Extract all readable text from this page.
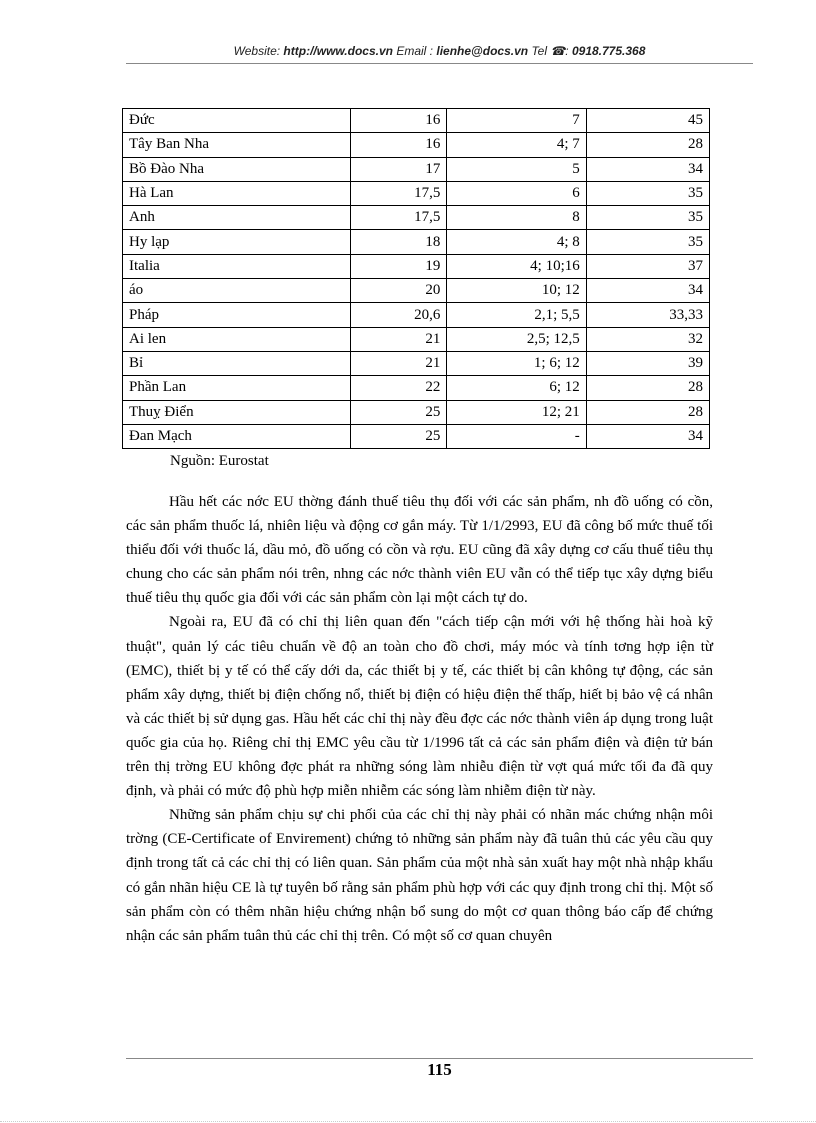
Website: http://www.docs.vn Email : lienhe@docs.vn Tel ☎: 0918.775.368
Đức	16	7	45
Tây Ban Nha	16	4; 7	28
Bồ Đào Nha	17	5	34
Hà Lan	17,5	6	35
Anh	17,5	8	35
Hy lạp	18	4; 8	35
Italia	19	4; 10;16	37
áo	20	10; 12	34
Pháp	20,6	2,1; 5,5	33,33
Ai len	21	2,5; 12,5	32
Bỉ	21	1; 6; 12	39
Phần Lan	22	6; 12	28
Thuỵ Điển	25	12; 21	28
Đan Mạch	25	-	34
Nguồn: Eurostat

Hầu hết các nớc EU thờng đánh thuế tiêu thụ đối với các sản phẩm, nh đồ uống có cồn, các sản phẩm thuốc lá, nhiên liệu và động cơ gắn máy. Từ 1/1/2993, EU đã công bố mức thuế tối thiểu đối với thuốc lá, dầu mỏ, đồ uống có cồn và rợu. EU cũng đã xây dựng cơ cấu thuế tiêu thụ chung cho các sản phẩm nói trên, nhng các nớc thành viên EU vẫn có thể tiếp tục xây dựng biểu thuế tiêu thụ quốc gia đối với các sản phẩm còn lại một cách tự do.

Ngoài ra, EU đã có chỉ thị liên quan đến "cách tiếp cận mới với hệ thống hài hoà kỹ thuật", quản lý các tiêu chuẩn về độ an toàn cho đồ chơi, máy móc và tính tơng hợp iện từ (EMC), thiết bị y tế có thể cấy dới da, các thiết bị y tế, các thiết bị cân không tự động, các sản phẩm xây dựng, thiết bị điện chống nổ, thiết bị điện có hiệu điện thế thấp, hiết bị bảo vệ cá nhân và các thiết bị sử dụng gas. Hầu hết các chỉ thị này đều đợc các nớc thành viên áp dụng trong luật quốc gia của họ. Riêng chỉ thị EMC yêu cầu từ 1/1996 tất cả các sản phẩm điện và điện tử bán trên thị trờng EU không đợc phát ra những sóng làm nhiễu điện từ vợt quá mức tối đa đã quy định, và phải có mức độ phù hợp miễn nhiễm các sóng làm nhiễm điện từ này.

Những sản phẩm chịu sự chi phối của các chỉ thị này phải có nhãn mác chứng nhận môi trờng (CE-Certificate of Envirement) chứng tỏ những sản phẩm này đã tuân thủ các yêu cầu quy định trong tất cả các chỉ thị có liên quan. Sản phẩm của một nhà sản xuất hay một nhà nhập khẩu có gắn nhãn hiệu CE là tự tuyên bố rằng sản phẩm phù hợp với các quy định trong chỉ thị. Một số sản phẩm còn có thêm nhãn hiệu chứng nhận bổ sung do một cơ quan thông báo cấp để chứng nhận các sản phẩm tuân thủ các chỉ thị trên. Có một số cơ quan chuyên

115
